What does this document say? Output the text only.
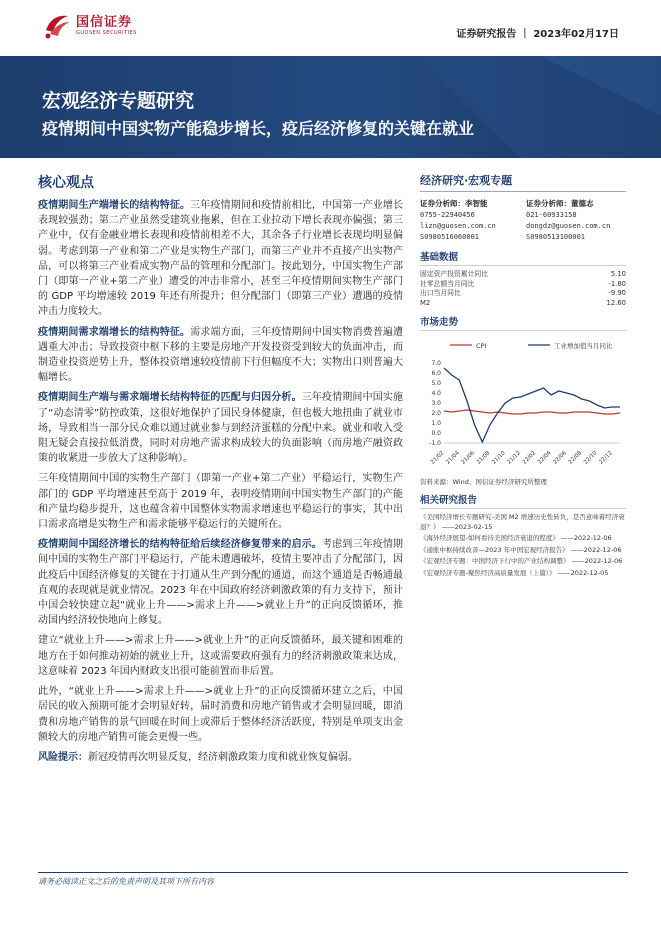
国信证券
GUOSEN SECURITIES	证券研究报告 ｜ 2023年02月17日
宏观经济专题研究
疫情期间中国实物产能稳步增长，疫后经济修复的关键在就业
核心观点
疫情期间生产端增长的结构特征。三年疫情期间和疫情前相比，中国第一产业增长表现较强劲；第二产业虽然受建筑业拖累，但在工业拉动下增长表现亦偏强；第三产业中，仅有金融业增长表现和疫情前相差不大，其余各子行业增长表现均明显偏弱。考虑到第一产业和第二产业是实物生产部门，而第三产业并不直接产出实物产品，可以将第三产业看成实物产品的管理和分配部门。按此划分，中国实物生产部门（即第一产业+第二产业）遭受的冲击非常小，甚至三年疫情期间实物生产部门的 GDP 平均增速较 2019 年还有所提升；但分配部门（即第三产业）遭遇的疫情冲击力度较大。
疫情期间需求端增长的结构特征。需求端方面，三年疫情期间中国实物消费普遍遭遇重大冲击；导致投资中枢下移的主要是房地产开发投资受到较大的负面冲击，而制造业投资逆势上升，整体投资增速较疫情前下行但幅度不大；实物出口则普遍大幅增长。
疫情期间生产端与需求端增长结构特征的匹配与归因分析。三年疫情期间中国实施了“动态清零”防控政策，这很好地保护了国民身体健康，但也极大地扭曲了就业市场，导致相当一部分民众难以通过就业参与到经济蛋糕的分配中来。就业和收入受阻无疑会直接拉低消费，同时对房地产需求构成较大的负面影响（而房地产融资政策的收紧进一步放大了这种影响）。
三年疫情期间中国的实物生产部门（即第一产业+第二产业）平稳运行，实物生产部门的 GDP 平均增速甚至高于 2019 年，表明疫情期间中国实物生产部门的产能和产量均稳步提升，这也蕴含着中国整体实物需求增速也平稳运行的事实，其中出口需求高增是实物生产和需求能够平稳运行的关键所在。
疫情期间中国经济增长的结构特征给后续经济修复带来的启示。考虑到三年疫情期间中国的实物生产部门平稳运行，产能未遭遇破坏，疫情主要冲击了分配部门，因此疫后中国经济修复的关键在于打通从生产到分配的通道，而这个通道是否畅通最直观的表现就是就业情况。2023 年在中国政府经济刺激政策的有力支持下，预计中国会较快建立起“就业上升——>需求上升——>就业上升”的正向反馈循环，推动国内经济较快地向上修复。
建立“就业上升——>需求上升——>就业上升”的正向反馈循环，最关键和困难的地方在于如何推动初始的就业上升，这或需要政府强有力的经济刺激政策来达成，这意味着 2023 年国内财政支出很可能前置而非后置。
此外，“就业上升——>需求上升——>就业上升”的正向反馈循环建立之后，中国居民的收入预期可能才会明显好转，届时消费和房地产销售或才会明显回暖，即消费和房地产销售的景气回暖在时间上或滞后于整体经济活跃度，特别是单项支出金额较大的房地产销售可能会更慢一些。
风险提示：新冠疫情再次明显反复，经济刺激政策力度和就业恢复偏弱。
经济研究·宏观专题
证券分析师：李智能
0755-22940456
lizn@guosen.com.cn
S0980516060001
证券分析师：董德志
021-60933158
dongdz@guosen.com.cn
S0980513100001
基础数据
固定资产投资累计同比	5.10
社零总额当月同比	-1.80
出口当月同比	-9.90
M2	12.60
市场走势
CPI	工业增加值当月同比
7.0
6.0
5.0
4.0
3.0
2.0
1.0
0.0
-1.0
21/02 21/04 21/06 21/08 21/10 21/12 22/02 22/04 22/06 22/08 22/10 22/12
资料来源：Wind、国信证券经济研究所整理
相关研究报告
《美国经济增长专题研究-美国 M2 增速历史性转负，是否意味着经济衰退？》 ——2023-02-15
《海外经济展望-如何看待美国经济衰退的程度》 ——2022-12-06
《通胀中枢持续改善—2023 年中国宏观经济报告》 ——2022-12-06
《宏观经济专题：中国经济下行中的产业结构调整》 ——2022-12-06
《宏观经济专题-聚焦经济高质量发展（上篇）》 ——2022-12-05
请务必阅读正文之后的免责声明及其项下所有内容
